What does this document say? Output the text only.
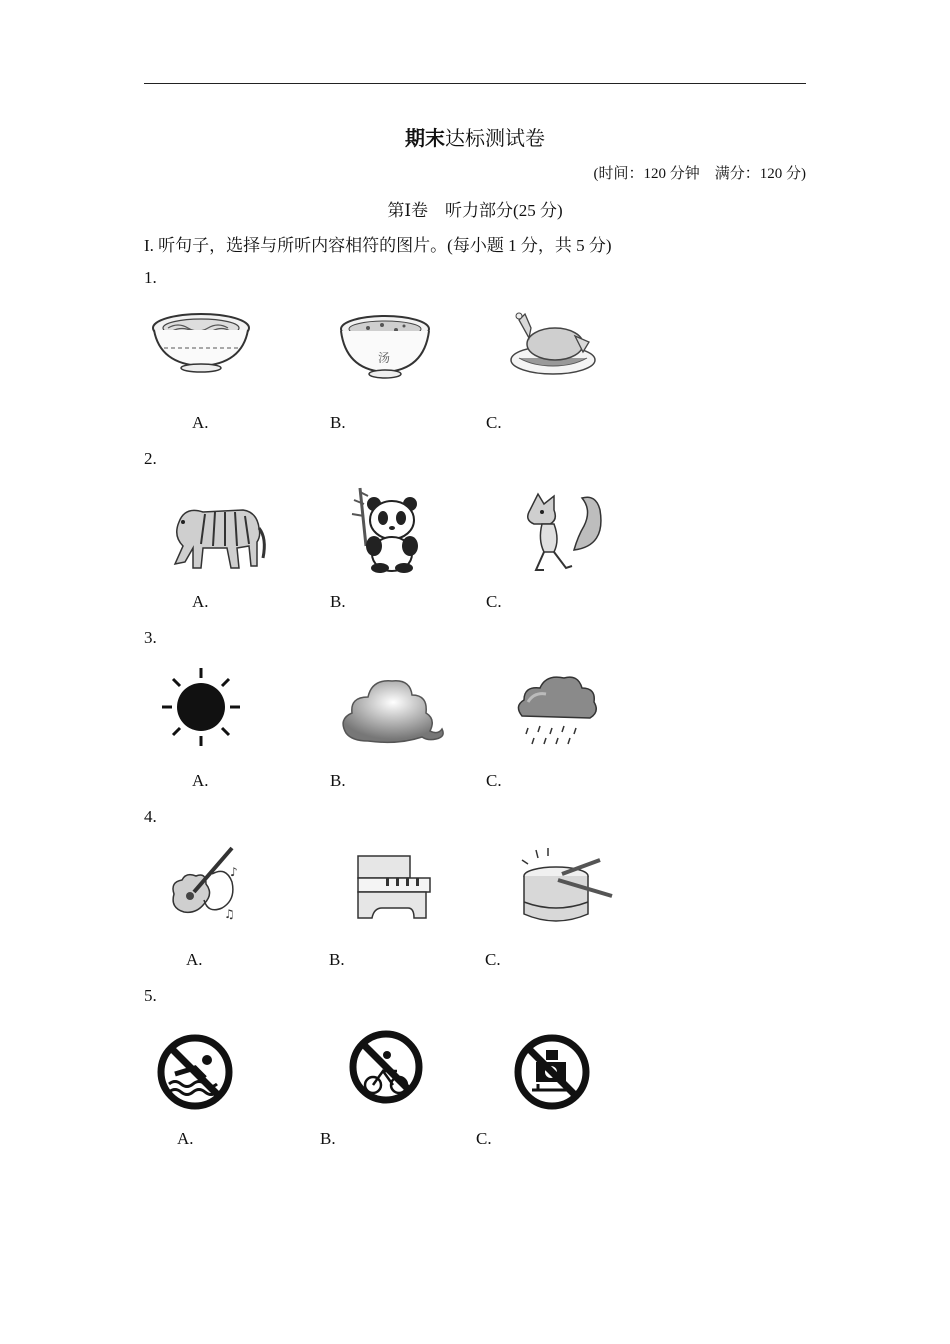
期末达标测试卷
(时间：120 分钟　满分：120 分)
第Ⅰ卷　听力部分(25 分)
I. 听句子，选择与所听内容相符的图片。(每小题 1 分，共 5 分)
1.
汤
A.	B.	C.
2.
A.	B.	C.
3.
A.	B.	C.
4.
♪
♫
A.	B.	C.
5.
A.	B.	C.
